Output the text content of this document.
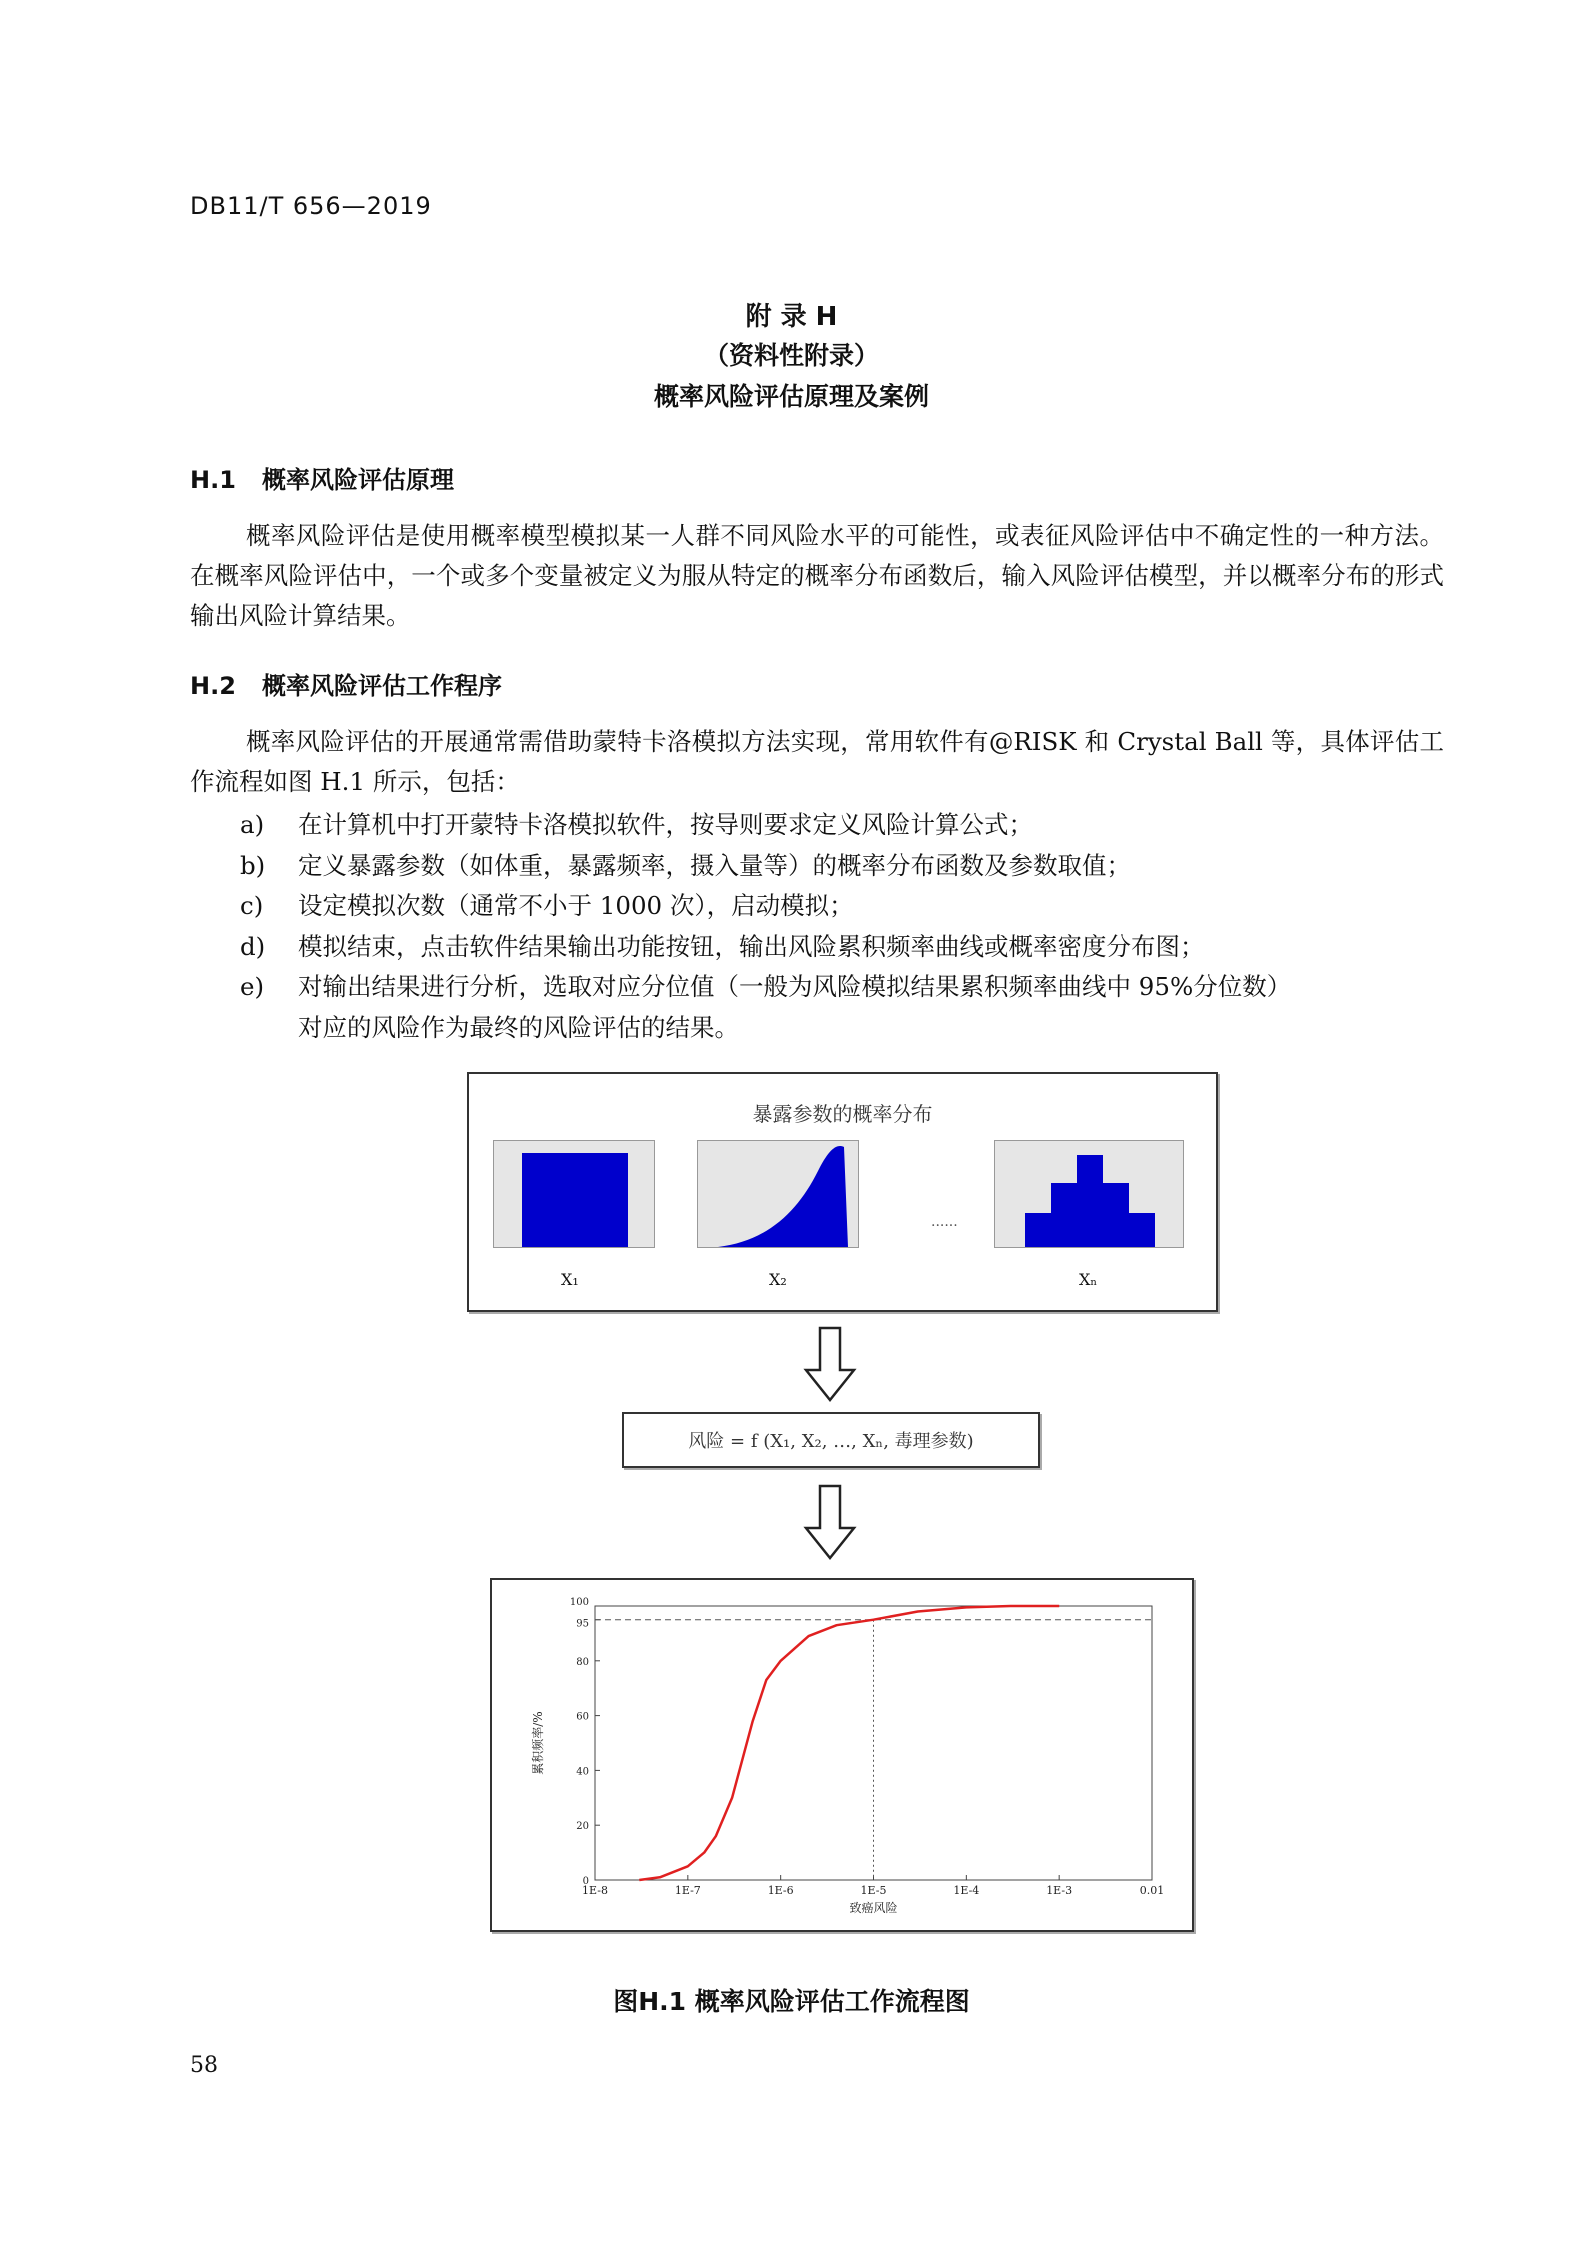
DB11/T 656—2019
附 录 H
（资料性附录）
概率风险评估原理及案例
H.1 概率风险评估原理

概率风险评估是使用概率模型模拟某一人群不同风险水平的可能性，或表征风险评估中不确定性的一种方法。在概率风险评估中，一个或多个变量被定义为服从特定的概率分布函数后，输入风险评估模型，并以概率分布的形式输出风险计算结果。

H.2 概率风险评估工作程序

概率风险评估的开展通常需借助蒙特卡洛模拟方法实现，常用软件有@RISK 和 Crystal Ball 等，具体评估工作流程如图 H.1 所示，包括：

a)	在计算机中打开蒙特卡洛模拟软件，按导则要求定义风险计算公式；
b)	定义暴露参数（如体重，暴露频率，摄入量等）的概率分布函数及参数取值；
c)	设定模拟次数（通常不小于 1000 次），启动模拟；
d)	模拟结束，点击软件结果输出功能按钮，输出风险累积频率曲线或概率密度分布图；
e)	对输出结果进行分析，选取对应分位值（一般为风险模拟结果累积频率曲线中 95%分位数）
对应的风险作为最终的风险评估的结果。
暴露参数的概率分布
......
X₁	X₂	Xₙ
风险 = f (X₁, X₂, …, Xₙ, 毒理参数)
1E-8	1E-7	1E-6	1E-5	1E-4	1E-3	0.01
0
20
40
60
80
95
100
致癌风险
累积频率/%
图H.1 概率风险评估工作流程图
58
